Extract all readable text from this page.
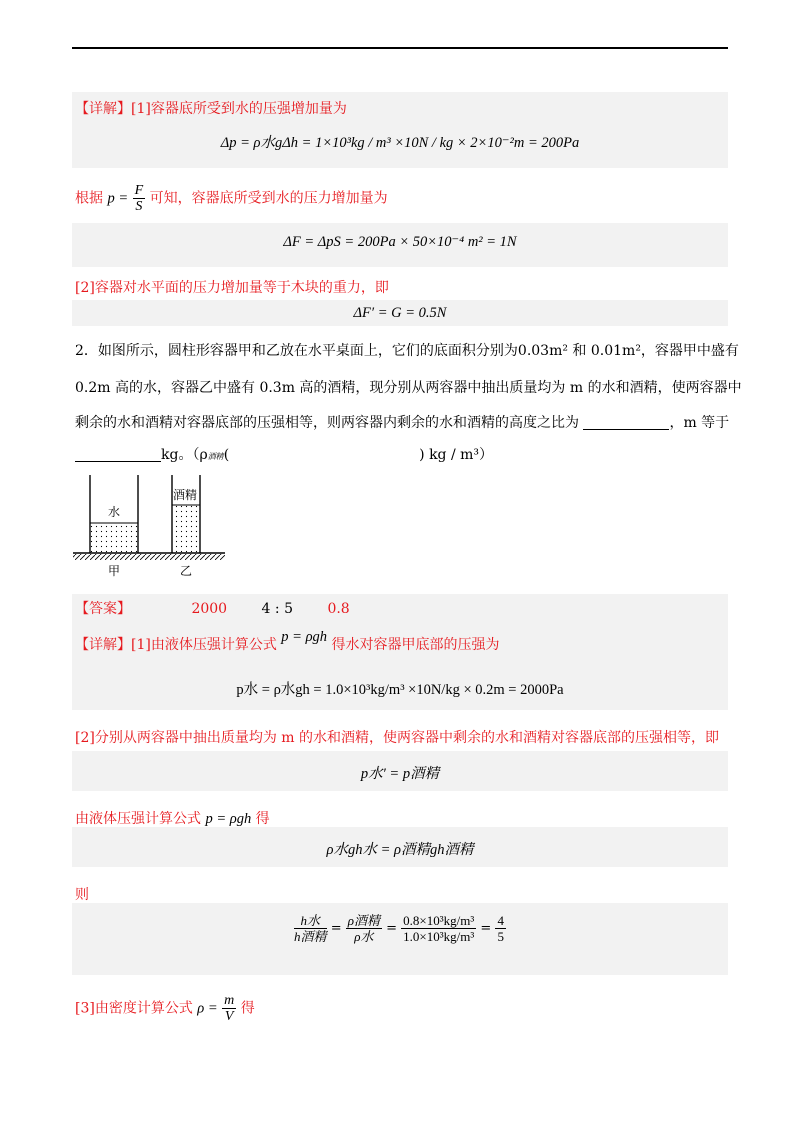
【详解】[1]容器底所受到水的压强增加量为
Δp = ρ水gΔh = 1×10³kg / m³ ×10N / kg × 2×10⁻²m = 200Pa
根据 $p = \frac{F}{S}$ 可知，容器底所受到水的压力增加量为
ΔF = ΔpS = 200Pa × 50×10⁻⁴ m² = 1N
[2]容器对水平面的压力增加量等于木块的重力，即
ΔF′ = G = 0.5N
2．如图所示，圆柱形容器甲和乙放在水平桌面上，它们的底面积分别为0.03m² 和 0.01m²，容器甲中盛有
0.2m 高的水，容器乙中盛有 0.3m 高的酒精，现分别从两容器中抽出质量均为 m 的水和酒精，使两容器中
剩余的水和酒精对容器底部的压强相等，则两容器内剩余的水和酒精的高度之比为	，m 等于
kg。（ρ酒精(	) kg / m³）
水
酒精
甲	乙
【答案】	2000 4 : 5 0.8
【详解】[1]由液体压强计算公式 p = ρgh 得水对容器甲底部的压强为
p水 = ρ水gh = 1.0×10³kg/m³ ×10N/kg × 0.2m = 2000Pa
[2]分别从两容器中抽出质量均为 m 的水和酒精，使两容器中剩余的水和酒精对容器底部的压强相等，即
p水′ = p酒精
由液体压强计算公式 p = ρgh 得
ρ水gh水 = ρ酒精gh酒精
则
$\frac{\text{h水}}{\text{h酒精}} = \frac{\text{ρ酒精}}{\text{ρ水}} = \frac{\text{0.8×10³kg/m³}}{\text{1.0×10³kg/m³}} = \frac{4}{5}$
[3]由密度计算公式 $\rho = \frac{m}{V}$ 得
